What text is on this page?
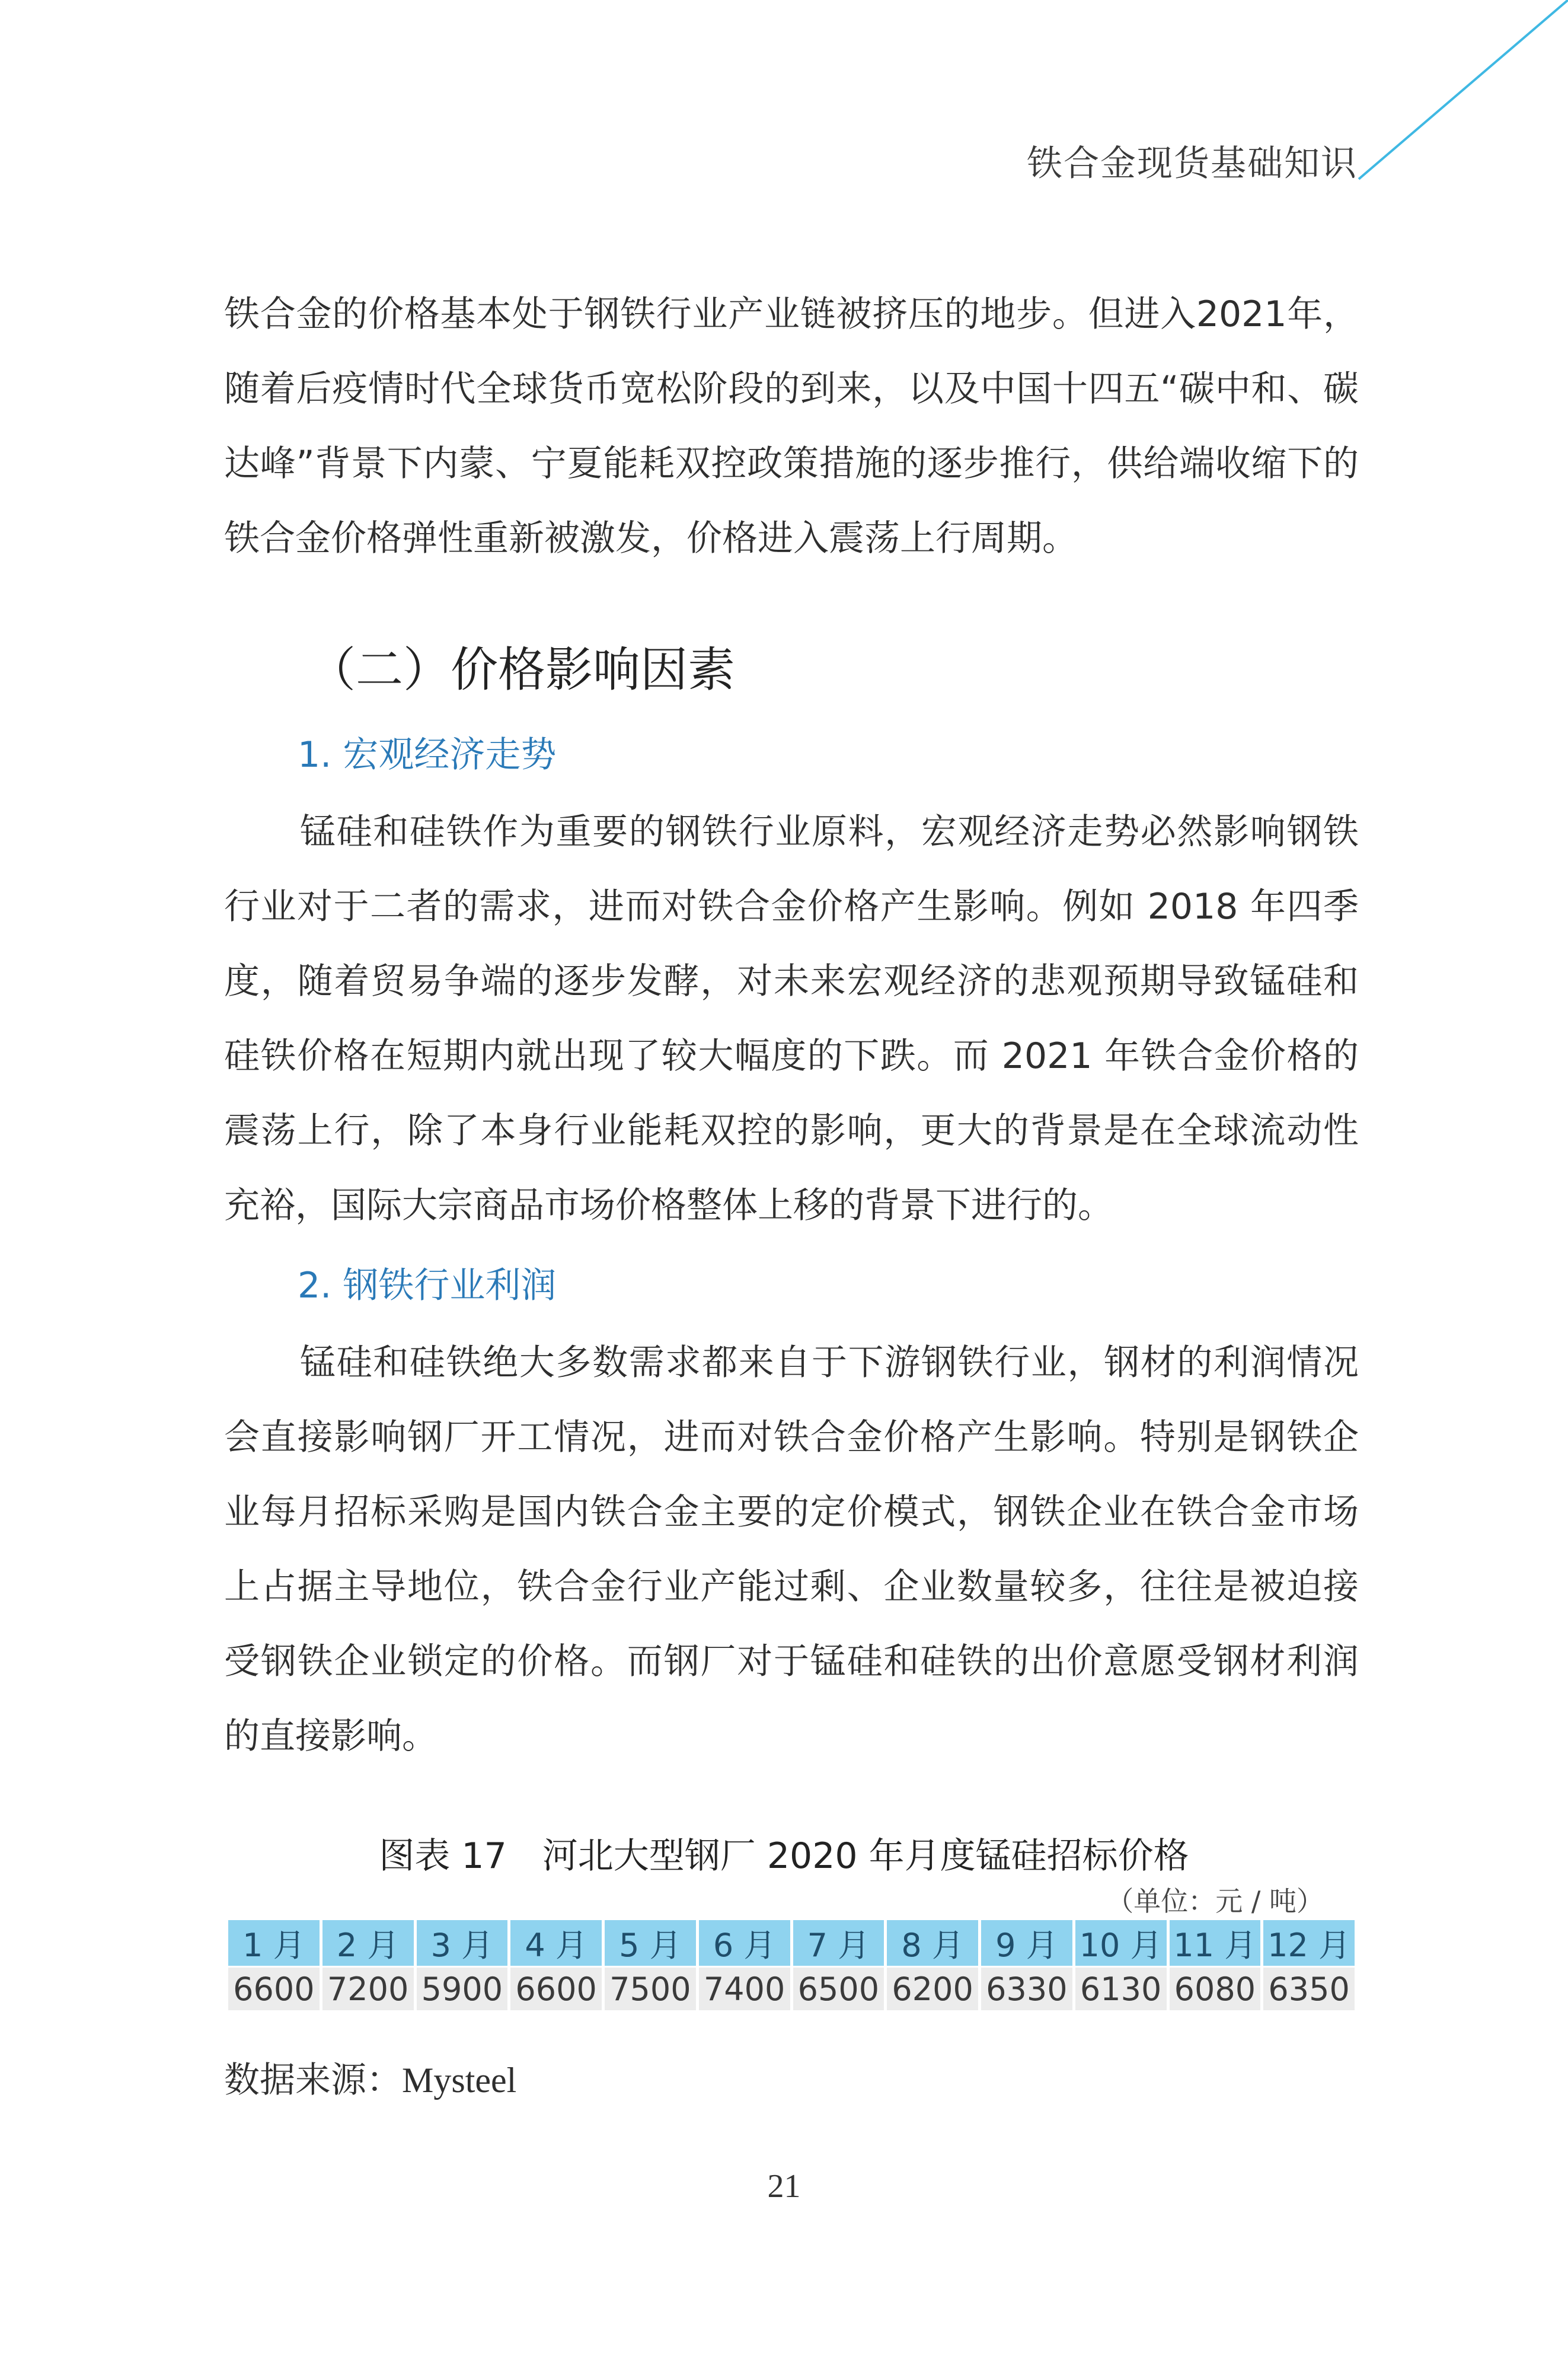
铁合金现货基础知识

铁合金的价格基本处于钢铁行业产业链被挤压的地步。但进入2021年，随着后疫情时代全球货币宽松阶段的到来，以及中国十四五“碳中和、碳达峰”背景下内蒙、宁夏能耗双控政策措施的逐步推行，供给端收缩下的铁合金价格弹性重新被激发，价格进入震荡上行周期。

（二）价格影响因素
1. 宏观经济走势

锰硅和硅铁作为重要的钢铁行业原料，宏观经济走势必然影响钢铁行业对于二者的需求，进而对铁合金价格产生影响。例如 2018 年四季度，随着贸易争端的逐步发酵，对未来宏观经济的悲观预期导致锰硅和硅铁价格在短期内就出现了较大幅度的下跌。而 2021 年铁合金价格的震荡上行，除了本身行业能耗双控的影响，更大的背景是在全球流动性充裕，国际大宗商品市场价格整体上移的背景下进行的。

2. 钢铁行业利润

锰硅和硅铁绝大多数需求都来自于下游钢铁行业，钢材的利润情况会直接影响钢厂开工情况，进而对铁合金价格产生影响。特别是钢铁企业每月招标采购是国内铁合金主要的定价模式，钢铁企业在铁合金市场上占据主导地位，铁合金行业产能过剩、企业数量较多，往往是被迫接受钢铁企业锁定的价格。而钢厂对于锰硅和硅铁的出价意愿受钢材利润的直接影响。

图表 17　河北大型钢厂 2020 年月度锰硅招标价格
（单位：元 / 吨）
1 月	2 月	3 月	4 月	5 月	6 月	7 月	8 月	9 月	10 月	11 月	12 月
6600	7200	5900	6600	7500	7400	6500	6200	6330	6130	6080	6350
数据来源：Mysteel
21
